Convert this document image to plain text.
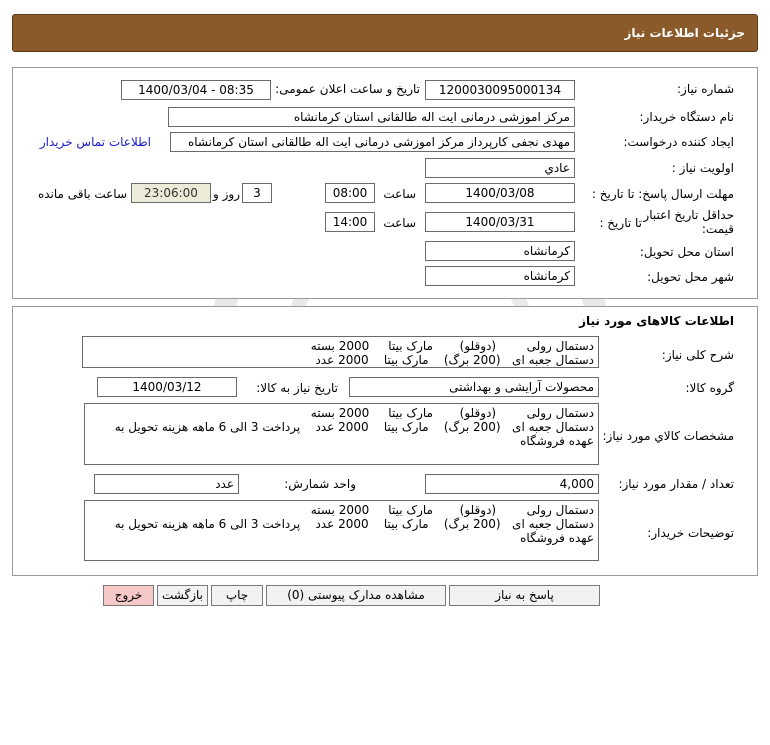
جزئیات اطلاعات نیاز
شماره نیاز:
1200030095000134
تاریخ و ساعت اعلان عمومی:
1400/03/04 - 08:35
نام دستگاه خریدار:
مرکز اموزشی درمانی ایت اله طالقانی استان کرمانشاه
ایجاد کننده درخواست:
مهدی نجفی کارپرداز مرکز اموزشی درمانی ایت اله طالقانی استان کرمانشاه
اطلاعات تماس خریدار
اولویت نیاز :
عادي
مهلت ارسال پاسخ: تا تاریخ :
1400/03/08
ساعت
08:00
3
روز و
23:06:00
ساعت باقی مانده
حداقل تاریخ اعتبار قیمت:
تا تاریخ :
1400/03/31
ساعت
14:00
استان محل تحویل:
کرمانشاه
شهر محل تحویل:
کرمانشاه
اطلاعات کالاهای مورد نیاز
شرح کلی نیاز:
دستمال رولی        (دوقلو)       مارک بیتا     2000 بسته
دستمال جعبه ای   (200 برگ)    مارک بیتا    2000 عدد
گروه کالا:
محصولات آرایشی و بهداشتی
تاریخ نیاز به کالا:
1400/03/12
مشخصات کالاي مورد نياز:
دستمال رولی        (دوقلو)       مارک بیتا     2000 بسته
دستمال جعبه ای   (200 برگ)    مارک بیتا    2000 عدد    پرداخت 3 الی 6 ماهه هزینه تحویل به عهده فروشگاه
تعداد / مقدار مورد نیاز:
4,000
واحد شمارش:
عدد
توضیحات خریدار:
دستمال رولی        (دوقلو)       مارک بیتا     2000 بسته
دستمال جعبه ای   (200 برگ)    مارک بیتا    2000 عدد    پرداخت 3 الی 6 ماهه هزینه تحویل به عهده فروشگاه
پاسخ به نیاز
مشاهده مدارک پیوستی (0)
چاپ
بازگشت
خروج
